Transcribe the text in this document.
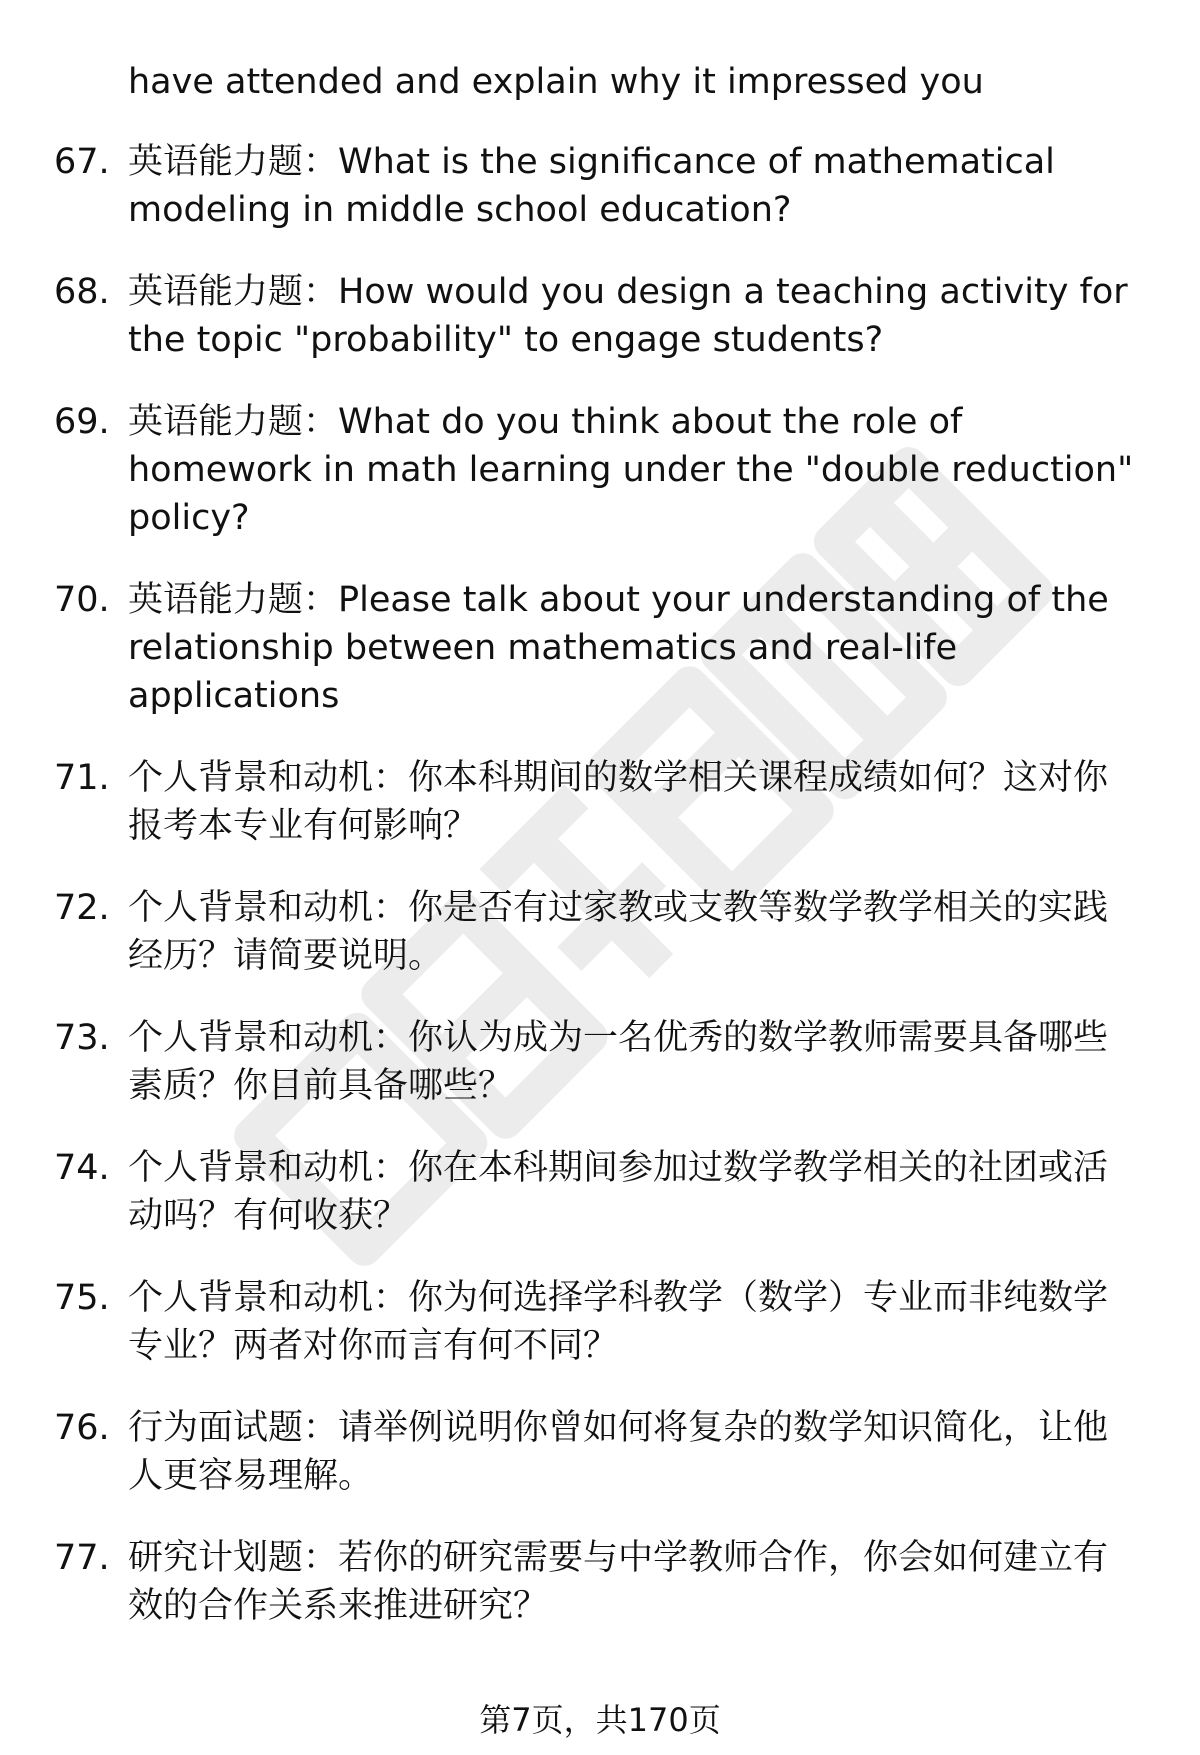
have attended and explain why it impressed you
67. 英语能力题：What is the significance of mathematical modeling in middle school education?
68. 英语能力题：How would you design a teaching activity for the topic "probability" to engage students?
69. 英语能力题：What do you think about the role of homework in math learning under the "double reduction" policy?
70. 英语能力题：Please talk about your understanding of the relationship between mathematics and real-life applications
71. 个人背景和动机：你本科期间的数学相关课程成绩如何？这对你报考本专业有何影响？
72. 个人背景和动机：你是否有过家教或支教等数学教学相关的实践经历？请简要说明。
73. 个人背景和动机：你认为成为一名优秀的数学教师需要具备哪些素质？你目前具备哪些？
74. 个人背景和动机：你在本科期间参加过数学教学相关的社团或活动吗？有何收获？
75. 个人背景和动机：你为何选择学科教学（数学）专业而非纯数学专业？两者对你而言有何不同？
76. 行为面试题：请举例说明你曾如何将复杂的数学知识简化，让他人更容易理解。
77. 研究计划题：若你的研究需要与中学教师合作，你会如何建立有效的合作关系来推进研究？
第7页，共170页
